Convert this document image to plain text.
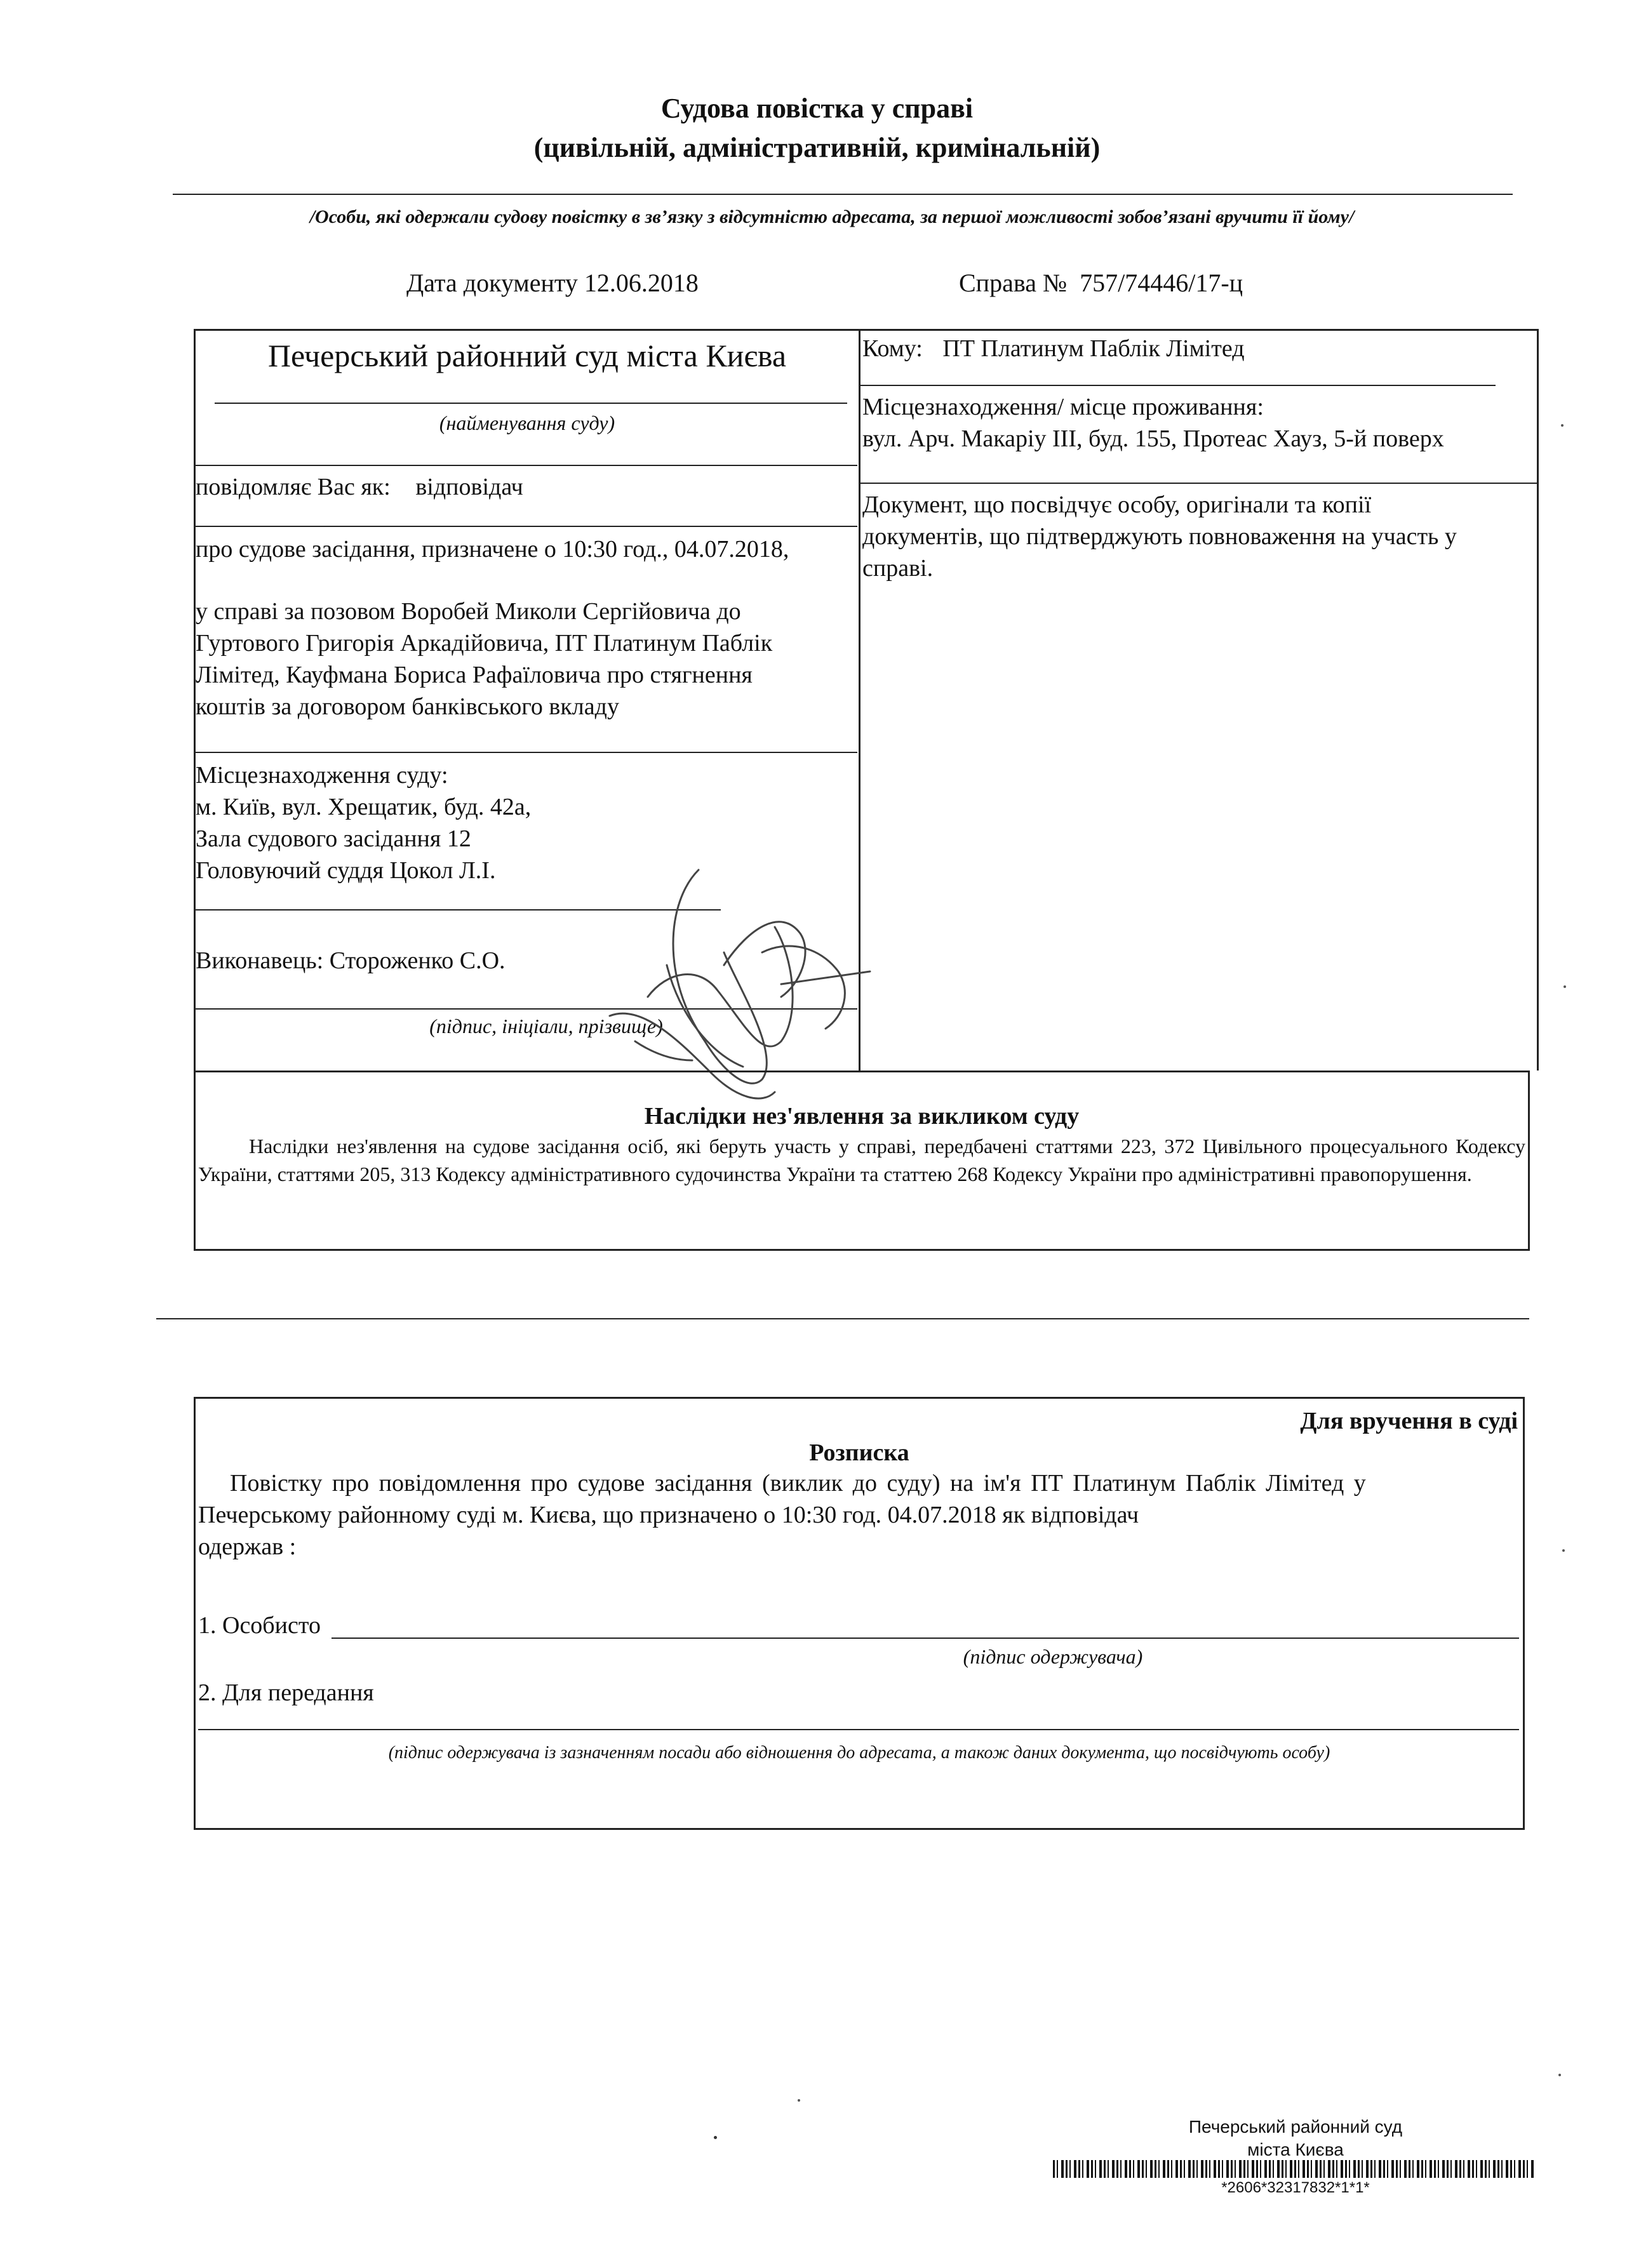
Судова повістка у справі
(цивільній, адміністративній, кримінальній)
/Особи, які одержали судову повістку в зв’язку з відсутністю адресата, за першої можливості зобов’язані вручити її йому/
Дата документу 12.06.2018	Справа № 757/74446/17-ц
Печерський районний суд міста Києва
(найменування суду)
повідомляє Вас як: відповідач
про судове засідання, призначене о 10:30 год., 04.07.2018,
у справі за позовом Воробей Миколи Сергійовича до
Гуртового Григорія Аркадійовича, ПТ Платинум Паблік
Лімітед, Кауфмана Бориса Рафаїловича про стягнення
коштів за договором банківського вкладу
Місцезнаходження суду:
м. Київ, вул. Хрещатик, буд. 42а,
Зала судового засідання 12
Головуючий суддя Цокол Л.І.
Виконавець: Стороженко С.О.
(підпис, ініціали, прізвище)
Кому: ПТ Платинум Паблік Лімітед
Місцезнаходження/ місце проживання:
вул. Арч. Макаріу ІІІ, буд. 155, Протеас Хауз, 5-й поверх
Документ, що посвідчує особу, оригінали та копії
документів, що підтверджують повноваження на участь у
справі.
Наслідки нез'явлення за викликом суду
Наслідки нез'явлення на судове засідання осіб, які беруть участь у справі, передбачені статтями 223, 372 Цивільного процесуального Кодексу України, статтями 205, 313 Кодексу адміністративного судочинства України та статтею 268 Кодексу України про адміністративні правопорушення.
Для вручення в суді
Розписка
Повістку про повідомлення про судове засідання (виклик до суду) на ім'я ПТ Платинум Паблік Лімітед у
Печерському районному суді м. Києва, що призначено о 10:30 год. 04.07.2018 як відповідач
одержав :
1. Особисто
(підпис одержувача)
2. Для передання
(підпис одержувача із зазначенням посади або відношення до адресата, а також даних документа, що посвідчують особу)
Печерський районний суд
міста Києва
*2606*32317832*1*1*
